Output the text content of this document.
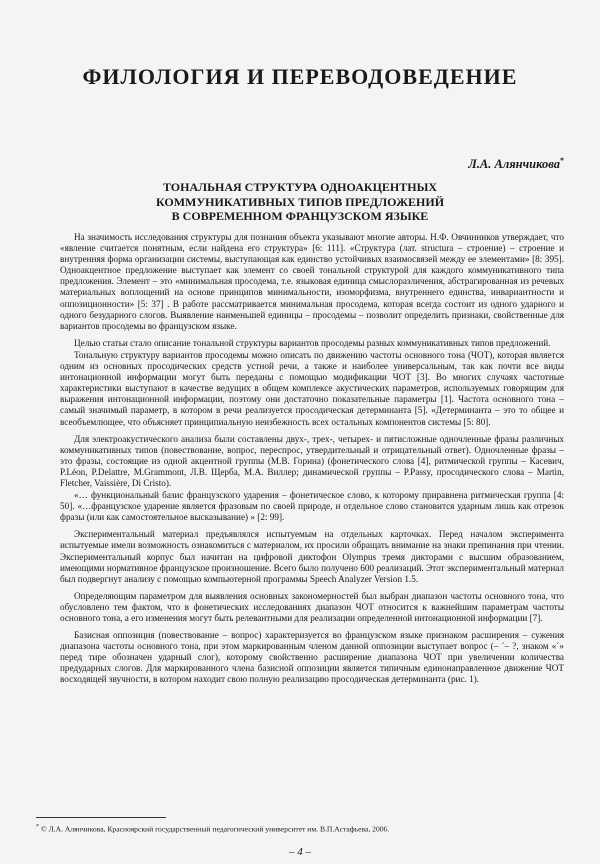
ФИЛОЛОГИЯ И ПЕРЕВОДОВЕДЕНИЕ
Л.А. Алянчикова*
ТОНАЛЬНАЯ СТРУКТУРА ОДНОАКЦЕНТНЫХ
КОММУНИКАТИВНЫХ ТИПОВ ПРЕДЛОЖЕНИЙ
В СОВРЕМЕННОМ ФРАНЦУЗСКОМ ЯЗЫКЕ

На значимость исследования структуры для познания объекта указывают многие авторы. Н.Ф. Овчинников утверждает, что «явление считается понятным, если найдена его структура» [6: 111]. «Структура (лат. structura – строение) – строение и внутренняя форма организации системы, выступающая как единство устойчивых взаимосвязей между ее элементами» [8: 395]. Одноакцентное предложение выступает как элемент со своей тональной структурой для каждого коммуникативного типа предложения. Элемент – это «минимальная просодема, т.е. языковая единица смыслоразличения, абстрагированная из речевых материальных воплощений на основе принципов минимальности, изоморфизма, внутреннего единства, инвариантности и оппозиционности» [5: 37] . В работе рассматривается минимальная просодема, которая всегда состоит из одного ударного и одного безударного слогов. Выявление наименьшей единицы – просодемы – позволит определить признаки, свойственные для вариантов просодемы во французском языке.

Целью статьи стало описание тональной структуры вариантов просодемы разных коммуникативных типов предложений.

Тональную структуру вариантов просодемы можно описать по движению частоты основного тона (ЧОТ), которая является одним из основных просодических средств устной речи, а также и наиболее универсальным, так как почти все виды интонационной информации могут быть переданы с помощью модификации ЧОТ [3]. Во многих случаях частотные характеристики выступают в качестве ведущих в общем комплексе акустических параметров, используемых говорящим для выражения интонационной информации, поэтому они достаточно показательные параметры [1]. Частота основного тона – самый значимый параметр, в котором в речи реализуется просодическая детерминанта [5]. «Детерминанта – это то общее и всеобъемлющее, что объясняет принципиальную неизбежность всех остальных компонентов системы [5: 80].

Для электроакустического анализа были составлены двух-, трех-, четырех- и пятисложные одночленные фразы различных коммуникативных типов (повествование, вопрос, переспрос, утвердительный и отрицательный ответ). Одночленные фразы – это фразы, состоящие из одной акцентной группы (М.В. Горина) (фонетического слова [4], ритмической группы – Касевич, P.Léon, P.Delattre, M.Grammont, Л.В. Щерба, M.A. Виллер; динамической группы – P.Passy, просодического слова – Martin, Fletcher, Vaissière, Di Cristo).

«… функциональный базис французского ударения – фонетическое слово, к которому приравнена ритмическая группа [4: 50]. «…французское ударение является фразовым по своей природе, и отдельное слово становится ударным лишь как отрезок фразы (или как самостоятельное высказывание) » [2: 99].

Экспериментальный материал предъявлялся испытуемым на отдельных карточках. Перед началом эксперимента испытуемые имели возможность ознакомиться с материалом, их просили обращать внимание на знаки препинания при чтении. Экспериментальный корпус был начитан на цифровой диктофон Olympus тремя дикторами с высшим образованием, имеющими нормативное французское произношение. Всего было получено 600 реализаций. Этот экспериментальный материал был подвергнут анализу с помощью компьютерной программы Speech Analyzer Version 1.5.

Определяющим параметром для выявления основных закономерностей был выбран диапазон частоты основного тона, что обусловлено тем фактом, что в фонетических исследованиях диапазон ЧОТ относится к важнейшим параметрам частоты основного тона, а его изменения могут быть релевантными для реализации определенной интонационной информации [7].

Базисная оппозиция (повествование – вопрос) характеризуется во французском языке признаком расширения – сужения диапазона частоты основного тона, при этом маркированным членом данной оппозиции выступает вопрос (– ´– ?, знаком «´» перед тире обозначен ударный слог), которому свойственно расширение диапазона ЧОТ при увеличении количества предударных слогов. Для маркированного члена базисной оппозиции является типичным единонаправленное движение ЧОТ восходящей звучности, в котором находит свою полную реализацию просодическая детерминанта (рис. 1).

* © Л.А. Алянчикова, Красноярский государственный педагогический университет им. В.П.Астафьева, 2006.
– 4 –
